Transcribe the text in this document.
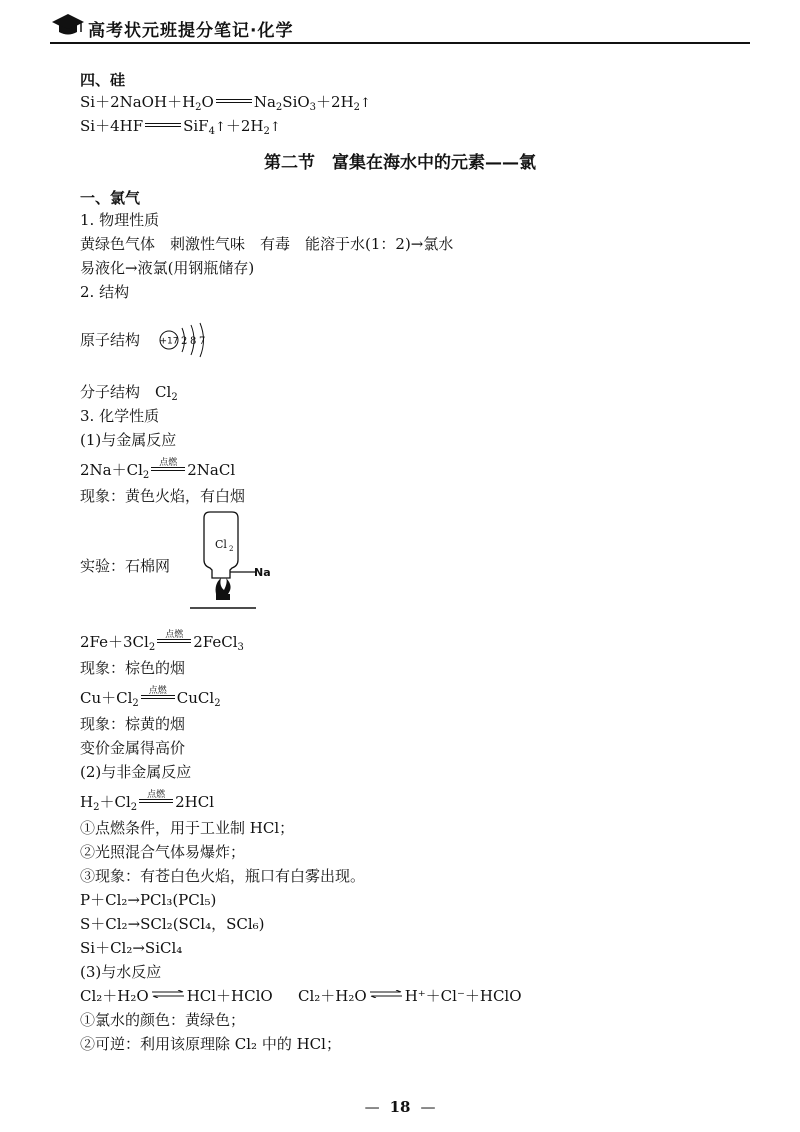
高考状元班提分笔记·化学
四、硅
$Si+2NaOH+H_2O$	$Na_2SiO_3+2H_2↑$
Si＋4HF	$SiF_4↑+2H_2↑$
第二节　富集在海水中的元素——氯
一、氯气
1. 物理性质
黄绿色气体　刺激性气味　有毒　能溶于水(1：2)→氯水
易液化→液氯(用钢瓶储存)
2. 结构
原子结构 +17 2 8 7
分子结构　 $Cl_2$
3. 化学性质
(1)与金属反应
$2Na+Cl_2$
点燃 2NaCl
现象：黄色火焰，有白烟
实验：石棉网
Cl 2
Na
$2Fe+3Cl_2$
点燃 2FeCl$_3$
现象：棕色的烟
$Cu+Cl_2$
点燃 CuCl$_2$
现象：棕黄的烟
变价金属得高价
(2)与非金属反应
$H_2+Cl_2$
点燃 2HCl
①点燃条件，用于工业制 HCl；
②光照混合气体易爆炸；
③现象：有苍白色火焰，瓶口有白雾出现。
P＋Cl₂→PCl₃(PCl₅)
S＋Cl₂→SCl₂(SCl₄，SCl₆)
Si＋Cl₂→SiCl₄
(3)与水反应
Cl₂＋H₂O ⇌ HCl＋HClO Cl₂＋H₂O ⇌ H⁺＋Cl⁻＋HClO
①氯水的颜色：黄绿色；
②可逆：利用该原理除 Cl₂ 中的 HCl；
— 18 —
